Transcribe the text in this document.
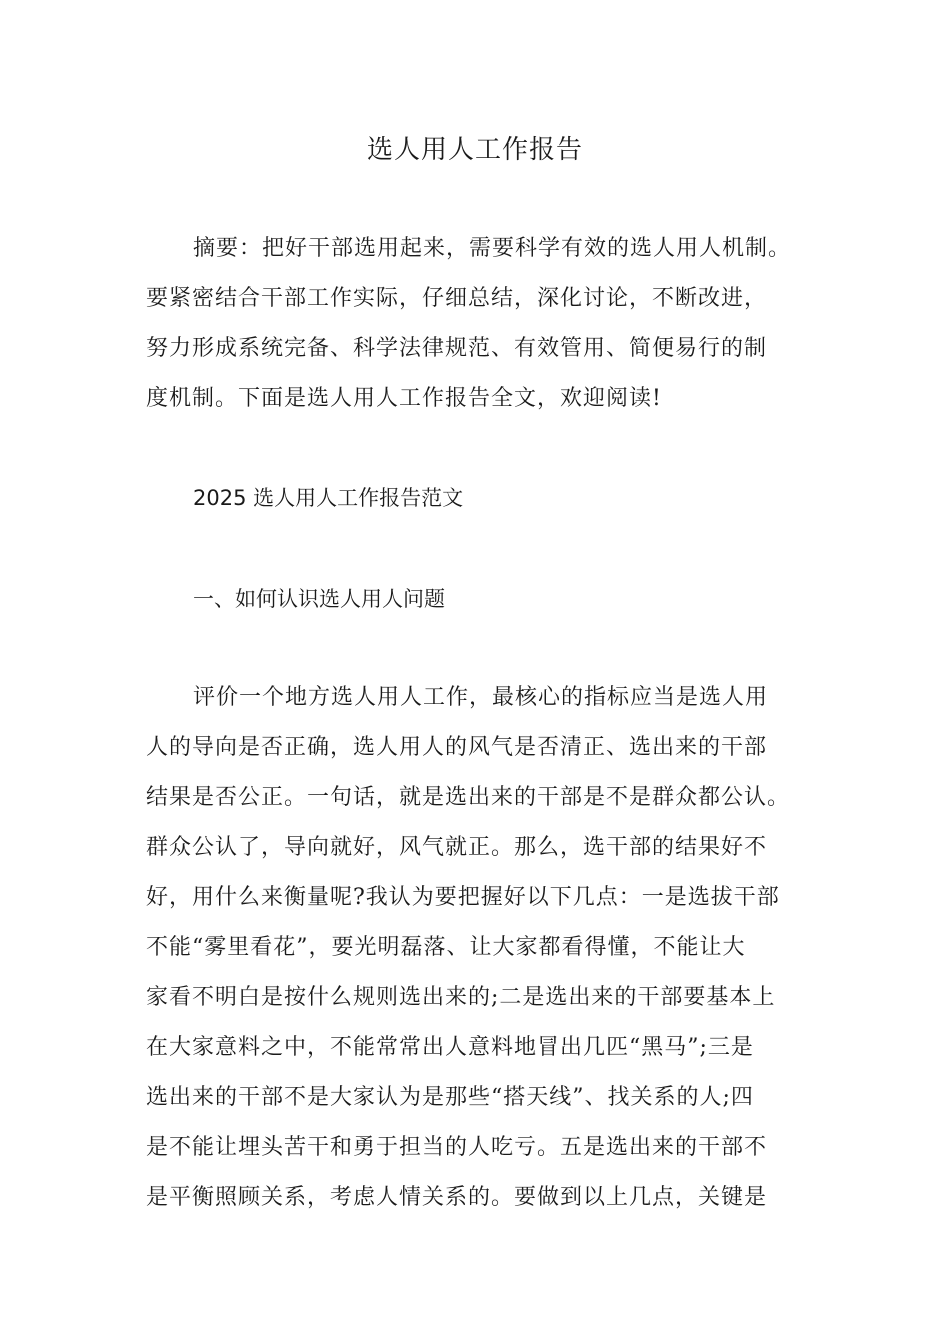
选人用人工作报告
摘要：把好干部选用起来，需要科学有效的选人用人机制。
要紧密结合干部工作实际，仔细总结，深化讨论，不断改进，
努力形成系统完备、科学法律规范、有效管用、简便易行的制
度机制。下面是选人用人工作报告全文，欢迎阅读!
2025 选人用人工作报告范文
一、如何认识选人用人问题
评价一个地方选人用人工作，最核心的指标应当是选人用
人的导向是否正确，选人用人的风气是否清正、选出来的干部
结果是否公正。一句话，就是选出来的干部是不是群众都公认。
群众公认了，导向就好，风气就正。那么，选干部的结果好不
好，用什么来衡量呢?我认为要把握好以下几点：一是选拔干部
不能“雾里看花”，要光明磊落、让大家都看得懂，不能让大
家看不明白是按什么规则选出来的;二是选出来的干部要基本上
在大家意料之中，不能常常出人意料地冒出几匹“黑马”;三是
选出来的干部不是大家认为是那些“搭天线”、找关系的人;四
是不能让埋头苦干和勇于担当的人吃亏。五是选出来的干部不
是平衡照顾关系，考虑人情关系的。要做到以上几点，关键是
